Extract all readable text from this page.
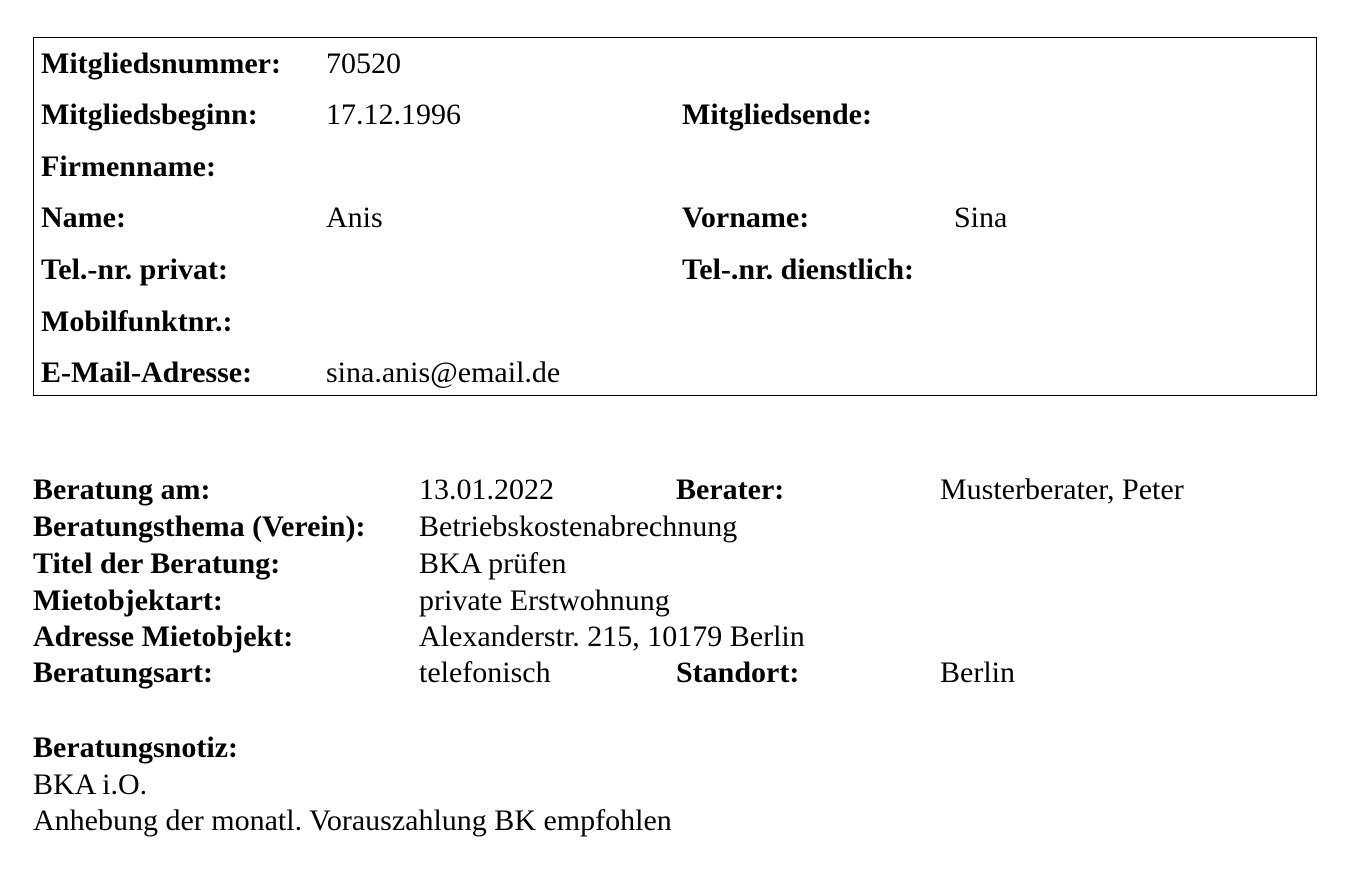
Mitgliedsnummer: 70520
Mitgliedsbeginn: 17.12.1996	Mitgliedsende:
Firmenname:
Name:	Anis	Vorname:	Sina
Tel.-nr. privat:	Tel-.nr. dienstlich:
Mobilfunktnr.:
E-Mail-Adresse: sina.anis@email.de
Beratung am:	13.01.2022	Berater:	Musterberater, Peter
Beratungsthema (Verein): Betriebskostenabrechnung
Titel der Beratung:	BKA prüfen
Mietobjektart:	private Erstwohnung
Adresse Mietobjekt:	Alexanderstr. 215, 10179 Berlin
Beratungsart:	telefonisch	Standort:	Berlin
Beratungsnotiz:
BKA i.O.
Anhebung der monatl. Vorauszahlung BK empfohlen
